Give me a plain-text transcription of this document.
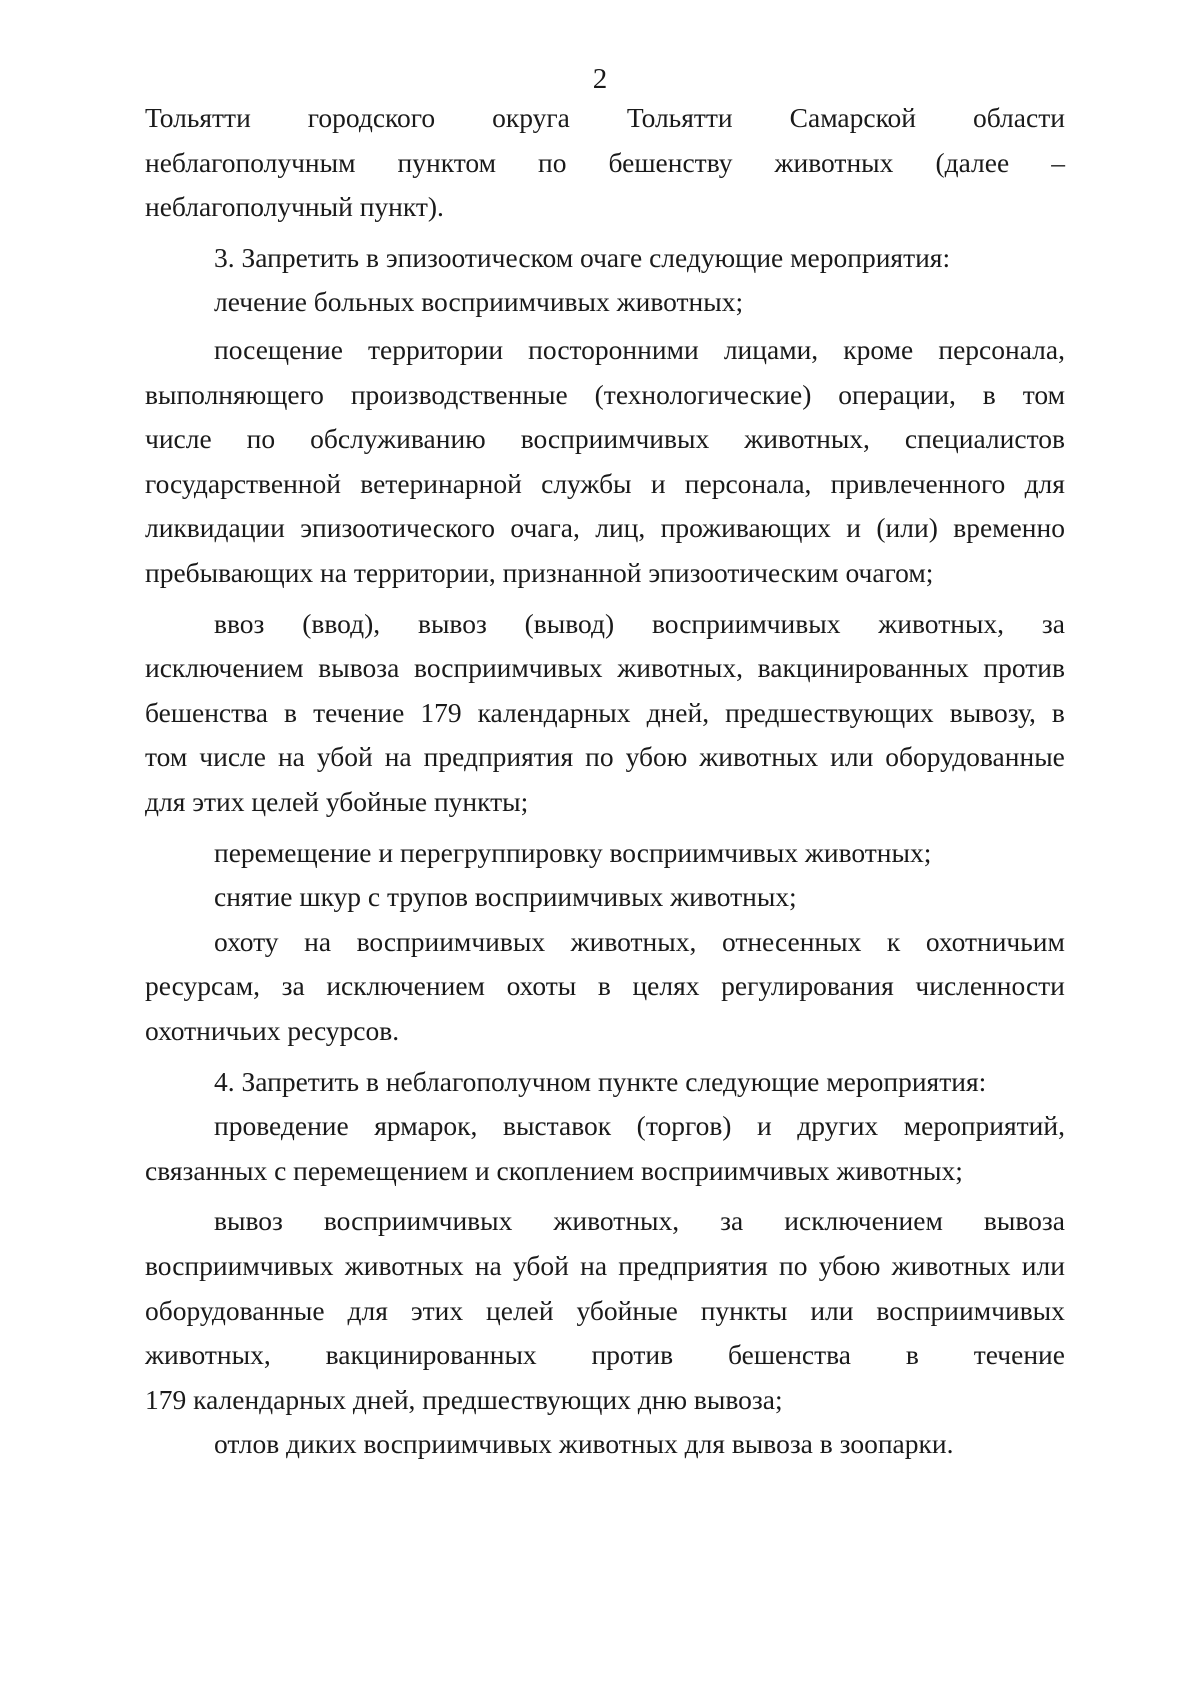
2
Тольятти городского округа Тольятти Самарской области
неблагополучным пунктом по бешенству животных (далее –
неблагополучный пункт).
3. Запретить в эпизоотическом очаге следующие мероприятия:
лечение больных восприимчивых животных;
посещение территории посторонними лицами, кроме персонала,
выполняющего производственные (технологические) операции, в том
числе по обслуживанию восприимчивых животных, специалистов
государственной ветеринарной службы и персонала, привлеченного для
ликвидации эпизоотического очага, лиц, проживающих и (или) временно
пребывающих на территории, признанной эпизоотическим очагом;
ввоз (ввод), вывоз (вывод) восприимчивых животных, за
исключением вывоза восприимчивых животных, вакцинированных против
бешенства в течение 179 календарных дней, предшествующих вывозу, в
том числе на убой на предприятия по убою животных или оборудованные
для этих целей убойные пункты;
перемещение и перегруппировку восприимчивых животных;
снятие шкур с трупов восприимчивых животных;
охоту на восприимчивых животных, отнесенных к охотничьим
ресурсам, за исключением охоты в целях регулирования численности
охотничьих ресурсов.
4. Запретить в неблагополучном пункте следующие мероприятия:
проведение ярмарок, выставок (торгов) и других мероприятий,
связанных с перемещением и скоплением восприимчивых животных;
вывоз восприимчивых животных, за исключением вывоза
восприимчивых животных на убой на предприятия по убою животных или
оборудованные для этих целей убойные пункты или восприимчивых
животных, вакцинированных против бешенства в течение
179 календарных дней, предшествующих дню вывоза;
отлов диких восприимчивых животных для вывоза в зоопарки.
